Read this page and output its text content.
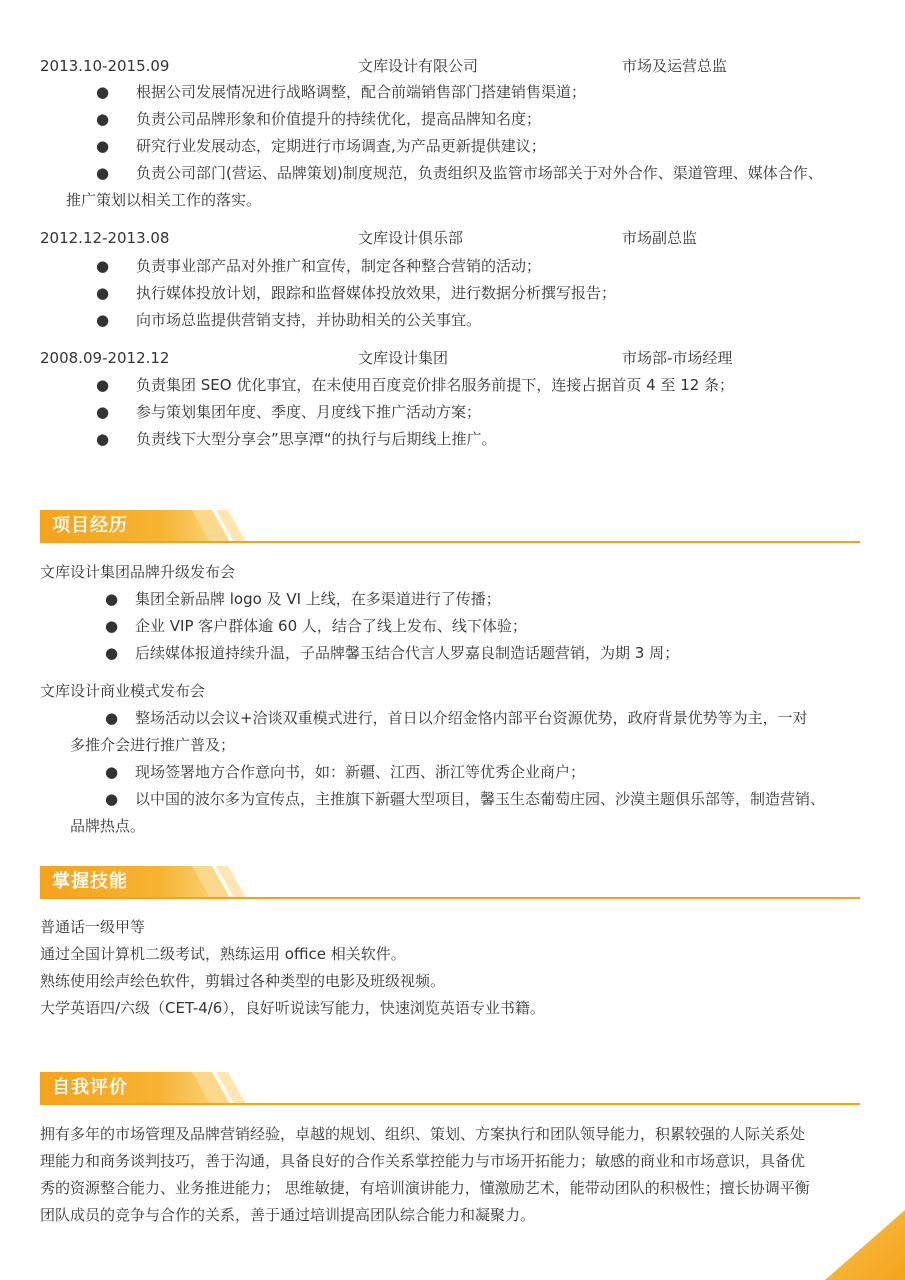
2013.10-2015.09	文库设计有限公司	市场及运营总监
● 根据公司发展情况进行战略调整，配合前端销售部门搭建销售渠道；
● 负责公司品牌形象和价值提升的持续优化，提高品牌知名度；
● 研究行业发展动态，定期进行市场调查,为产品更新提供建议；
● 负责公司部门(营运、品牌策划)制度规范，负责组织及监管市场部关于对外合作、渠道管理、媒体合作、
推广策划以相关工作的落实。
2012.12-2013.08	文库设计俱乐部	市场副总监
● 负责事业部产品对外推广和宣传，制定各种整合营销的活动；
● 执行媒体投放计划，跟踪和监督媒体投放效果，进行数据分析撰写报告；
● 向市场总监提供营销支持，并协助相关的公关事宜。
2008.09-2012.12	文库设计集团	市场部-市场经理
● 负责集团 SEO 优化事宜，在未使用百度竞价排名服务前提下，连接占据首页 4 至 12 条；
● 参与策划集团年度、季度、月度线下推广活动方案；
● 负责线下大型分享会”思享潭“的执行与后期线上推广。
项目经历
文库设计集团品牌升级发布会
● 集团全新品牌 logo 及 VI 上线，在多渠道进行了传播；
● 企业 VIP 客户群体逾 60 人，结合了线上发布、线下体验；
● 后续媒体报道持续升温，子品牌馨玉结合代言人罗嘉良制造话题营销，为期 3 周；
文库设计商业模式发布会
● 整场活动以会议+洽谈双重模式进行，首日以介绍金恪内部平台资源优势，政府背景优势等为主，一对
多推介会进行推广普及；
● 现场签署地方合作意向书，如：新疆、江西、浙江等优秀企业商户；
● 以中国的波尔多为宣传点，主推旗下新疆大型项目，馨玉生态葡萄庄园、沙漠主题俱乐部等，制造营销、
品牌热点。
掌握技能
普通话一级甲等
通过全国计算机二级考试，熟练运用 office 相关软件。
熟练使用绘声绘色软件，剪辑过各种类型的电影及班级视频。
大学英语四/六级（CET-4/6），良好听说读写能力，快速浏览英语专业书籍。
自我评价
拥有多年的市场管理及品牌营销经验，卓越的规划、组织、策划、方案执行和团队领导能力，积累较强的人际关系处
理能力和商务谈判技巧，善于沟通，具备良好的合作关系掌控能力与市场开拓能力；敏感的商业和市场意识，具备优
秀的资源整合能力、业务推进能力； 思维敏捷，有培训演讲能力，懂激励艺术，能带动团队的积极性；擅长协调平衡
团队成员的竞争与合作的关系，善于通过培训提高团队综合能力和凝聚力。
